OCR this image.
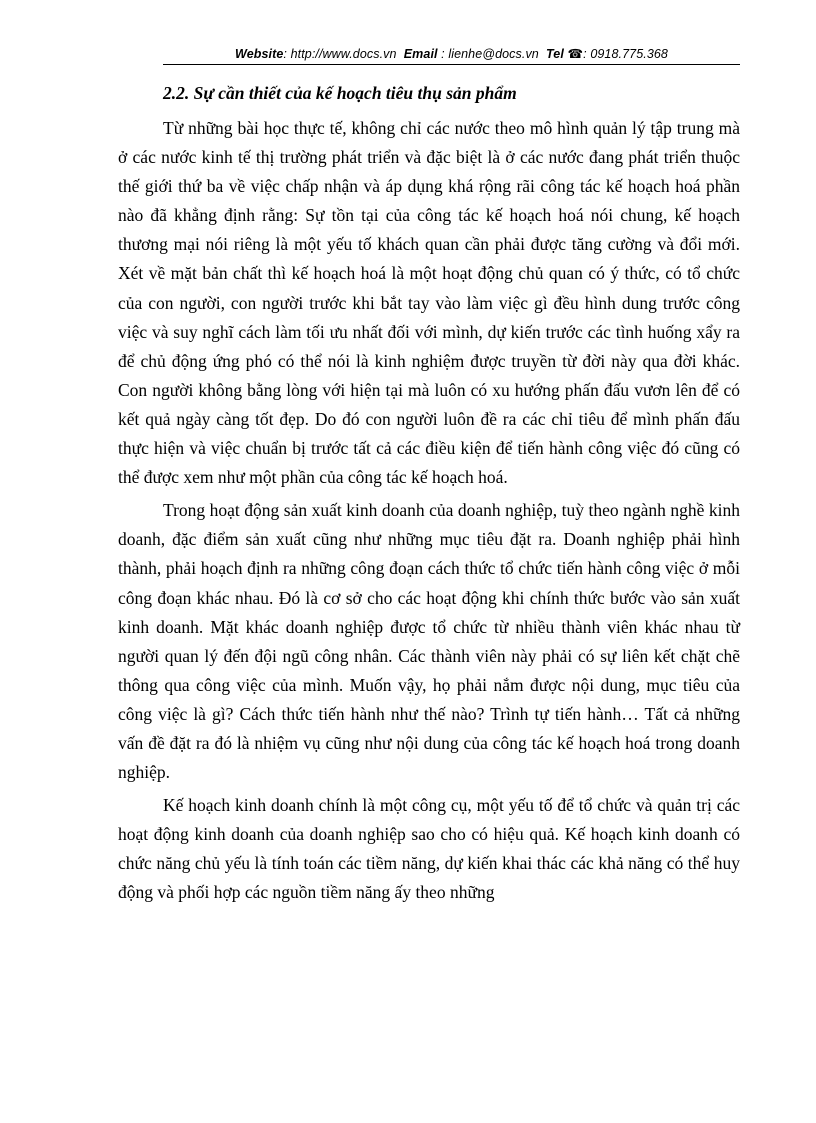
Website: http://www.docs.vn Email : lienhe@docs.vn Tel ☎: 0918.775.368
2.2. Sự cần thiết của kế hoạch tiêu thụ sản phẩm

Từ những bài học thực tế, không chỉ các nước theo mô hình quản lý tập trung mà ở các nước kinh tế thị trường phát triển và đặc biệt là ở các nước đang phát triển thuộc thế giới thứ ba về việc chấp nhận và áp dụng khá rộng rãi công tác kế hoạch hoá phần nào đã khẳng định rằng: Sự tồn tại của công tác kế hoạch hoá nói chung, kế hoạch thương mại nói riêng là một yếu tố khách quan cần phải được tăng cường và đổi mới. Xét về mặt bản chất thì kế hoạch hoá là một hoạt động chủ quan có ý thức, có tổ chức của con người, con người trước khi bắt tay vào làm việc gì đều hình dung trước công việc và suy nghĩ cách làm tối ưu nhất đối với mình, dự kiến trước các tình huống xẩy ra để chủ động ứng phó có thể nói là kinh nghiệm được truyền từ đời này qua đời khác. Con người không bằng lòng với hiện tại mà luôn có xu hướng phấn đấu vươn lên để có kết quả ngày càng tốt đẹp. Do đó con người luôn đề ra các chỉ tiêu để mình phấn đấu thực hiện và việc chuẩn bị trước tất cả các điều kiện để tiến hành công việc đó cũng có thể được xem như một phần của công tác kế hoạch hoá.

Trong hoạt động sản xuất kinh doanh của doanh nghiệp, tuỳ theo ngành nghề kinh doanh, đặc điểm sản xuất cũng như những mục tiêu đặt ra. Doanh nghiệp phải hình thành, phải hoạch định ra những công đoạn cách thức tổ chức tiến hành công việc ở mỗi công đoạn khác nhau. Đó là cơ sở cho các hoạt động khi chính thức bước vào sản xuất kinh doanh. Mặt khác doanh nghiệp được tổ chức từ nhiều thành viên khác nhau từ người quan lý đến đội ngũ công nhân. Các thành viên này phải có sự liên kết chặt chẽ thông qua công việc của mình. Muốn vậy, họ phải nắm được nội dung, mục tiêu của công việc là gì? Cách thức tiến hành như thế nào? Trình tự tiến hành… Tất cả những vấn đề đặt ra đó là nhiệm vụ cũng như nội dung của công tác kế hoạch hoá trong doanh nghiệp.

Kế hoạch kinh doanh chính là một công cụ, một yếu tố để tổ chức và quản trị các hoạt động kinh doanh của doanh nghiệp sao cho có hiệu quả. Kế hoạch kinh doanh có chức năng chủ yếu là tính toán các tiềm năng, dự kiến khai thác các khả năng có thể huy động và phối hợp các nguồn tiềm năng ấy theo những
